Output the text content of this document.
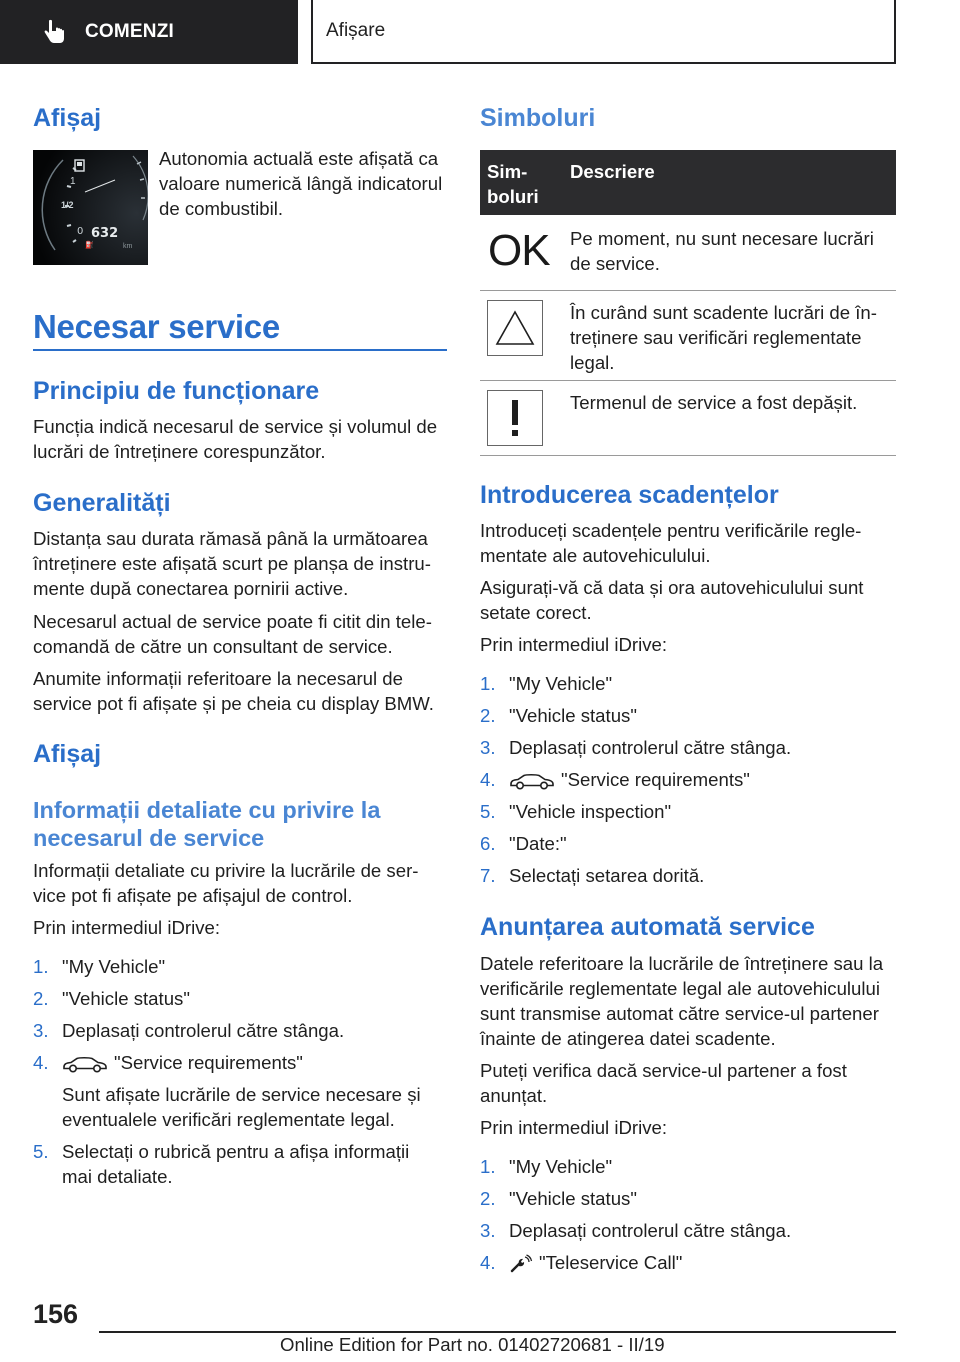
COMENZI	Afișare
Afișaj
0
⛽
1
1/2
632
km
Autonomia actuală este afișată ca valoare numerică lângă indicatorul de combustibil.
Necesar service
Principiu de funcționare
Funcția indică necesarul de service și volumul de lucrări de întreținere corespunzător.
Generalități
Distanța sau durata rămasă până la următoarea întreținere este afișată scurt pe planșa de instru-mente după conectarea pornirii active.
Necesarul actual de service poate fi citit din tele-comandă de către un consultant de service.
Anumite informații referitoare la necesarul de service pot fi afișate și pe cheia cu display BMW.
Afișaj
Informații detaliate cu privire la necesarul de service
Informații detaliate cu privire la lucrările de ser-vice pot fi afișate pe afișajul de control.
Prin intermediul iDrive:
1. "My Vehicle"
2. "Vehicle status"
3. Deplasați controlerul către stânga.
4.	"Service requirements"
Sunt afișate lucrările de service necesare și eventualele verificări reglementate legal.
5. Selectați o rubrică pentru a afișa informații mai detaliate.
Simboluri
Sim-boluri
Descriere
OK Pe moment, nu sunt necesare lucrări de service.
În curând sunt scadente lucrări de în-
treținere sau verificări reglementate
legal.
Termenul de service a fost depășit.
Introducerea scadențelor
Introduceți scadențele pentru verificările regle-mentate ale autovehiculului.
Asigurați-vă că data și ora autovehiculului sunt setate corect.
Prin intermediul iDrive:
1. "My Vehicle"
2. "Vehicle status"
3. Deplasați controlerul către stânga.
4.	"Service requirements"
5. "Vehicle inspection"
6. "Date:"
7. Selectați setarea dorită.
Anunțarea automată service
Datele referitoare la lucrările de întreținere sau la verificările reglementate legal ale autovehiculului sunt transmise automat către service-ul partener înainte de atingerea datei scadente.
Puteți verifica dacă service-ul partener a fost anunțat.
Prin intermediul iDrive:
1. "My Vehicle"
2. "Vehicle status"
3. Deplasați controlerul către stânga.
4.	"Teleservice Call"
156
Online Edition for Part no. 01402720681 - II/19
